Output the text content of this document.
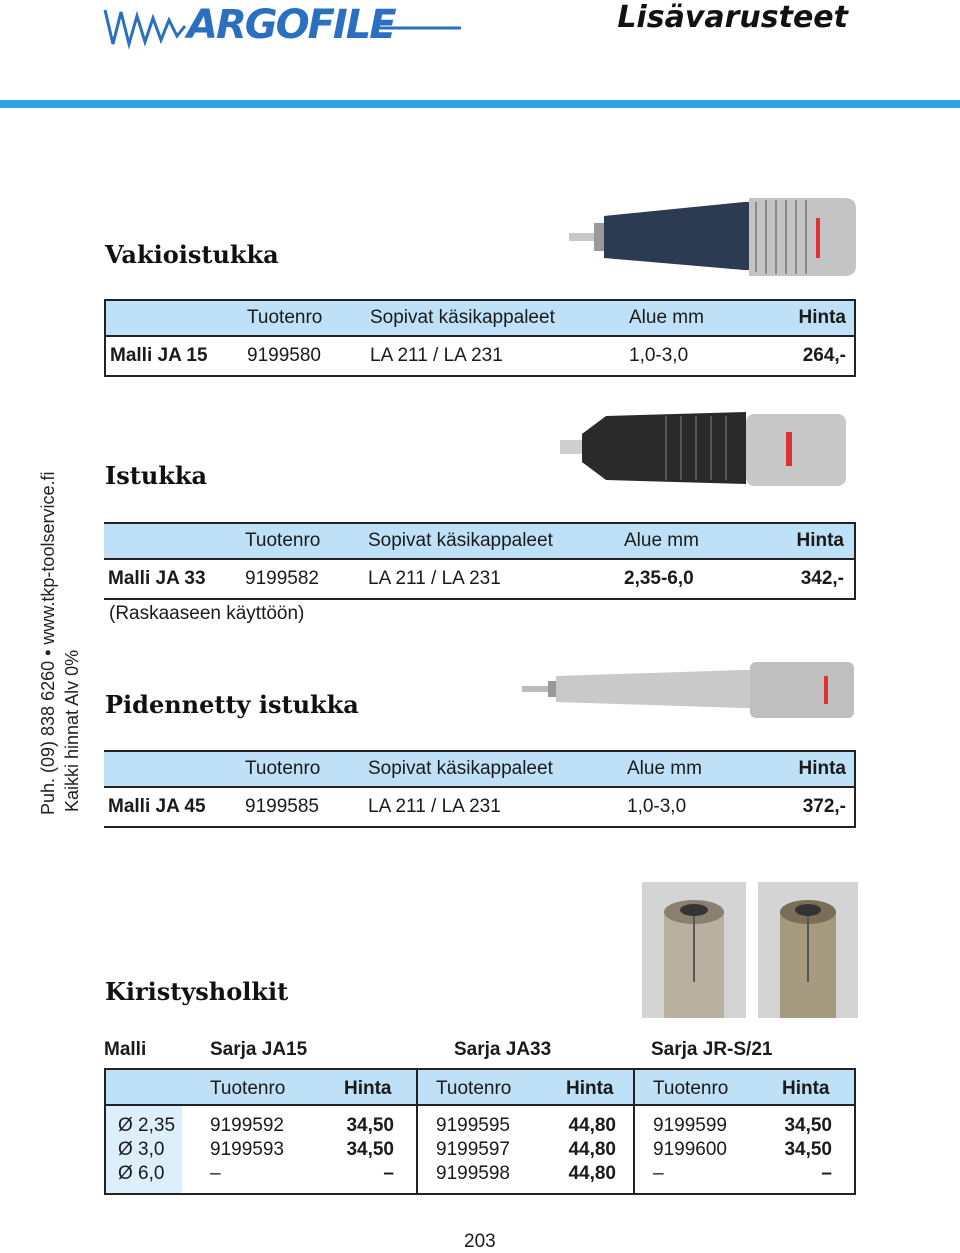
ARGOFILE	Lisävarusteet
Puh. (09) 838 6260 • www.tkp-toolservice.fi Kaikki hinnat Alv 0%
Vakioistukka
Tuotenro	Sopivat käsikappaleet	Alue mm	Hinta
Malli JA 15 9199580	LA 211 / LA 231	1,0-3,0	264,-
Istukka
Tuotenro	Sopivat käsikappaleet	Alue mm	Hinta
Malli JA 33 9199582	LA 211 / LA 231	2,35-6,0	342,-
(Raskaaseen käyttöön)
Pidennetty istukka
Tuotenro	Sopivat käsikappaleet	Alue mm	Hinta
Malli JA 45 9199585	LA 211 / LA 231	1,0-3,0	372,-
Kiristysholkit
Malli	Sarja JA15	Sarja JA33	Sarja JR-S/21
Tuotenro	Hinta Tuotenro	Hinta Tuotenro	Hinta
Ø 2,35 9199592	34,50 9199595	44,80 9199599	34,50
Ø 3,0 9199593	34,50 9199597	44,80 9199600	34,50
Ø 6,0 –	– 9199598	44,80 –	–
203
